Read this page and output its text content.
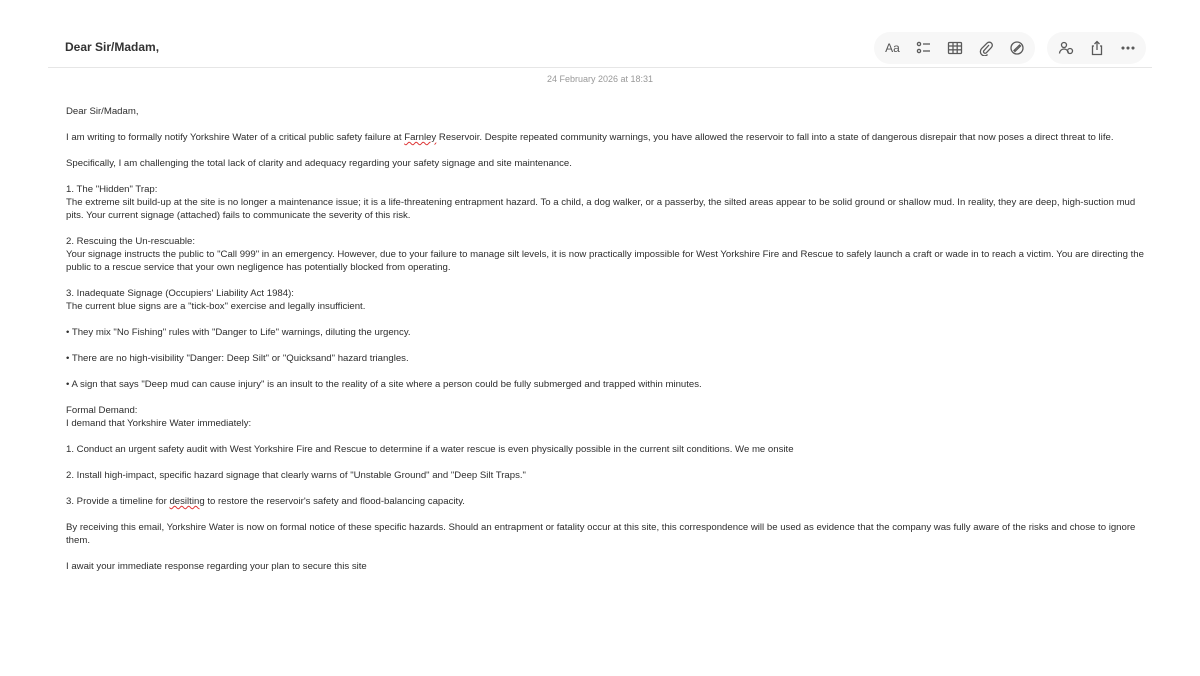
Dear Sir/Madam,	Aa
24 February 2026 at 18:31

Dear Sir/Madam,

I am writing to formally notify Yorkshire Water of a critical public safety failure at Farnley Reservoir. Despite repeated community warnings, you have allowed the reservoir to fall into a state of dangerous disrepair that now poses a direct threat to life.

Specifically, I am challenging the total lack of clarity and adequacy regarding your safety signage and site maintenance.

1. The "Hidden" Trap:

The extreme silt build-up at the site is no longer a maintenance issue; it is a life-threatening entrapment hazard. To a child, a dog walker, or a passerby, the silted areas appear to be solid ground or shallow mud. In reality, they are deep, high-suction mud pits. Your current signage (attached) fails to communicate the severity of this risk.

2. Rescuing the Un-rescuable:

Your signage instructs the public to "Call 999" in an emergency. However, due to your failure to manage silt levels, it is now practically impossible for West Yorkshire Fire and Rescue to safely launch a craft or wade in to reach a victim. You are directing the public to a rescue service that your own negligence has potentially blocked from operating.

3. Inadequate Signage (Occupiers' Liability Act 1984):

The current blue signs are a "tick-box" exercise and legally insufficient.

• They mix "No Fishing" rules with "Danger to Life" warnings, diluting the urgency.

• There are no high-visibility "Danger: Deep Silt" or "Quicksand" hazard triangles.

• A sign that says "Deep mud can cause injury" is an insult to the reality of a site where a person could be fully submerged and trapped within minutes.

Formal Demand:

I demand that Yorkshire Water immediately:

1. Conduct an urgent safety audit with West Yorkshire Fire and Rescue to determine if a water rescue is even physically possible in the current silt conditions. We me onsite

2. Install high-impact, specific hazard signage that clearly warns of "Unstable Ground" and "Deep Silt Traps."

3. Provide a timeline for desilting to restore the reservoir's safety and flood-balancing capacity.

By receiving this email, Yorkshire Water is now on formal notice of these specific hazards. Should an entrapment or fatality occur at this site, this correspondence will be used as evidence that the company was fully aware of the risks and chose to ignore them.

I await your immediate response regarding your plan to secure this site
